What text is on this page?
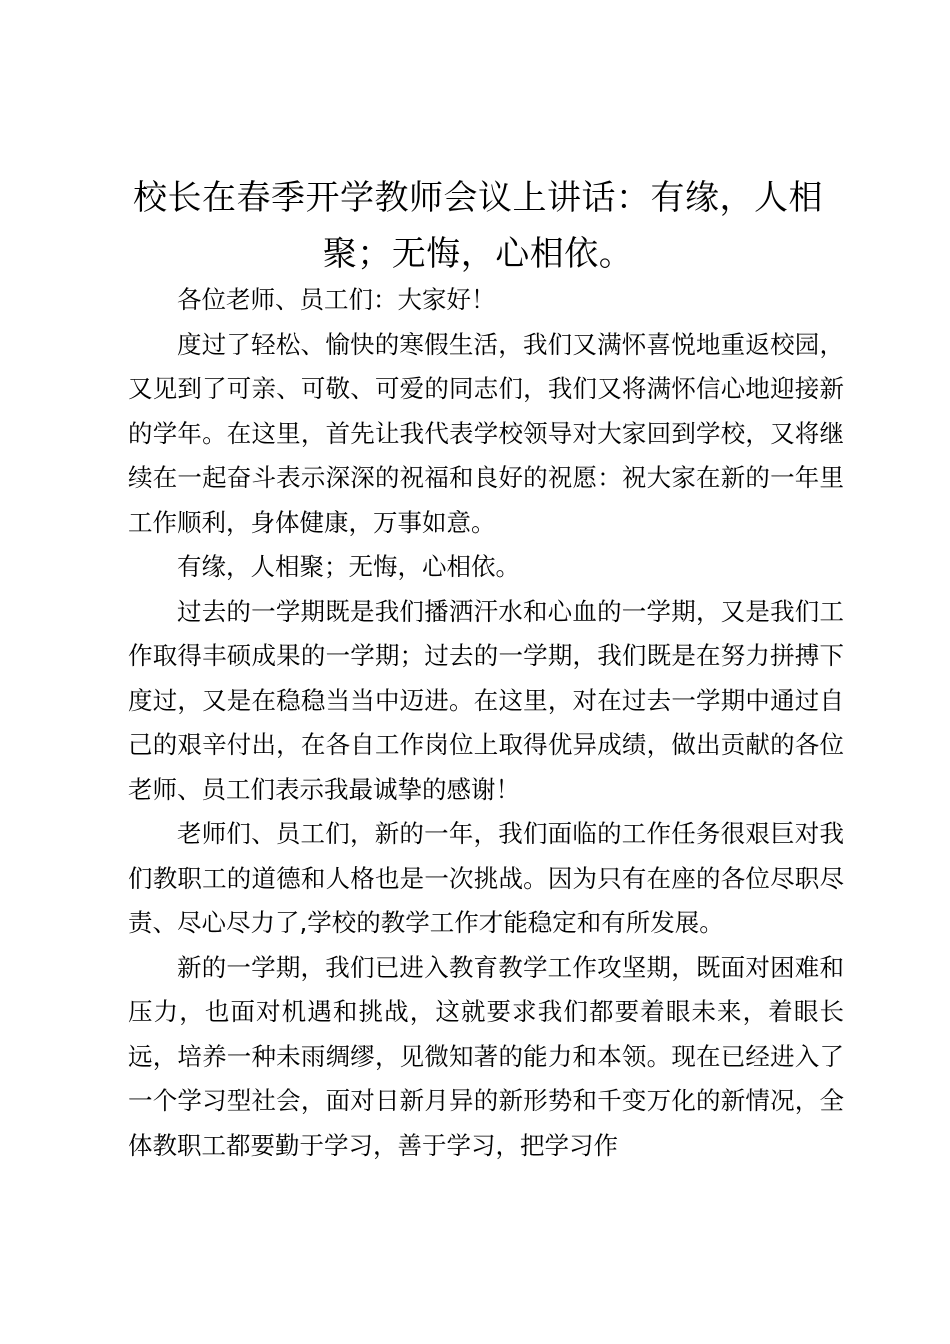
校长在春季开学教师会议上讲话：有缘，人相聚；无悔，心相依。

各位老师、员工们：大家好！

度过了轻松、愉快的寒假生活，我们又满怀喜悦地重返校园，又见到了可亲、可敬、可爱的同志们，我们又将满怀信心地迎接新的学年。在这里，首先让我代表学校领导对大家回到学校，又将继续在一起奋斗表示深深的祝福和良好的祝愿：祝大家在新的一年里工作顺利，身体健康，万事如意。

有缘，人相聚；无悔，心相依。

过去的一学期既是我们播洒汗水和心血的一学期，又是我们工作取得丰硕成果的一学期；过去的一学期，我们既是在努力拼搏下度过，又是在稳稳当当中迈进。在这里，对在过去一学期中通过自己的艰辛付出，在各自工作岗位上取得优异成绩，做出贡献的各位老师、员工们表示我最诚挚的感谢！

老师们、员工们，新的一年，我们面临的工作任务很艰巨对我们教职工的道德和人格也是一次挑战。因为只有在座的各位尽职尽责、尽心尽力了,学校的教学工作才能稳定和有所发展。

新的一学期，我们已进入教育教学工作攻坚期，既面对困难和压力，也面对机遇和挑战，这就要求我们都要着眼未来，着眼长远，培养一种未雨绸缪，见微知著的能力和本领。现在已经进入了一个学习型社会，面对日新月异的新形势和千变万化的新情况，全体教职工都要勤于学习，善于学习，把学习作
